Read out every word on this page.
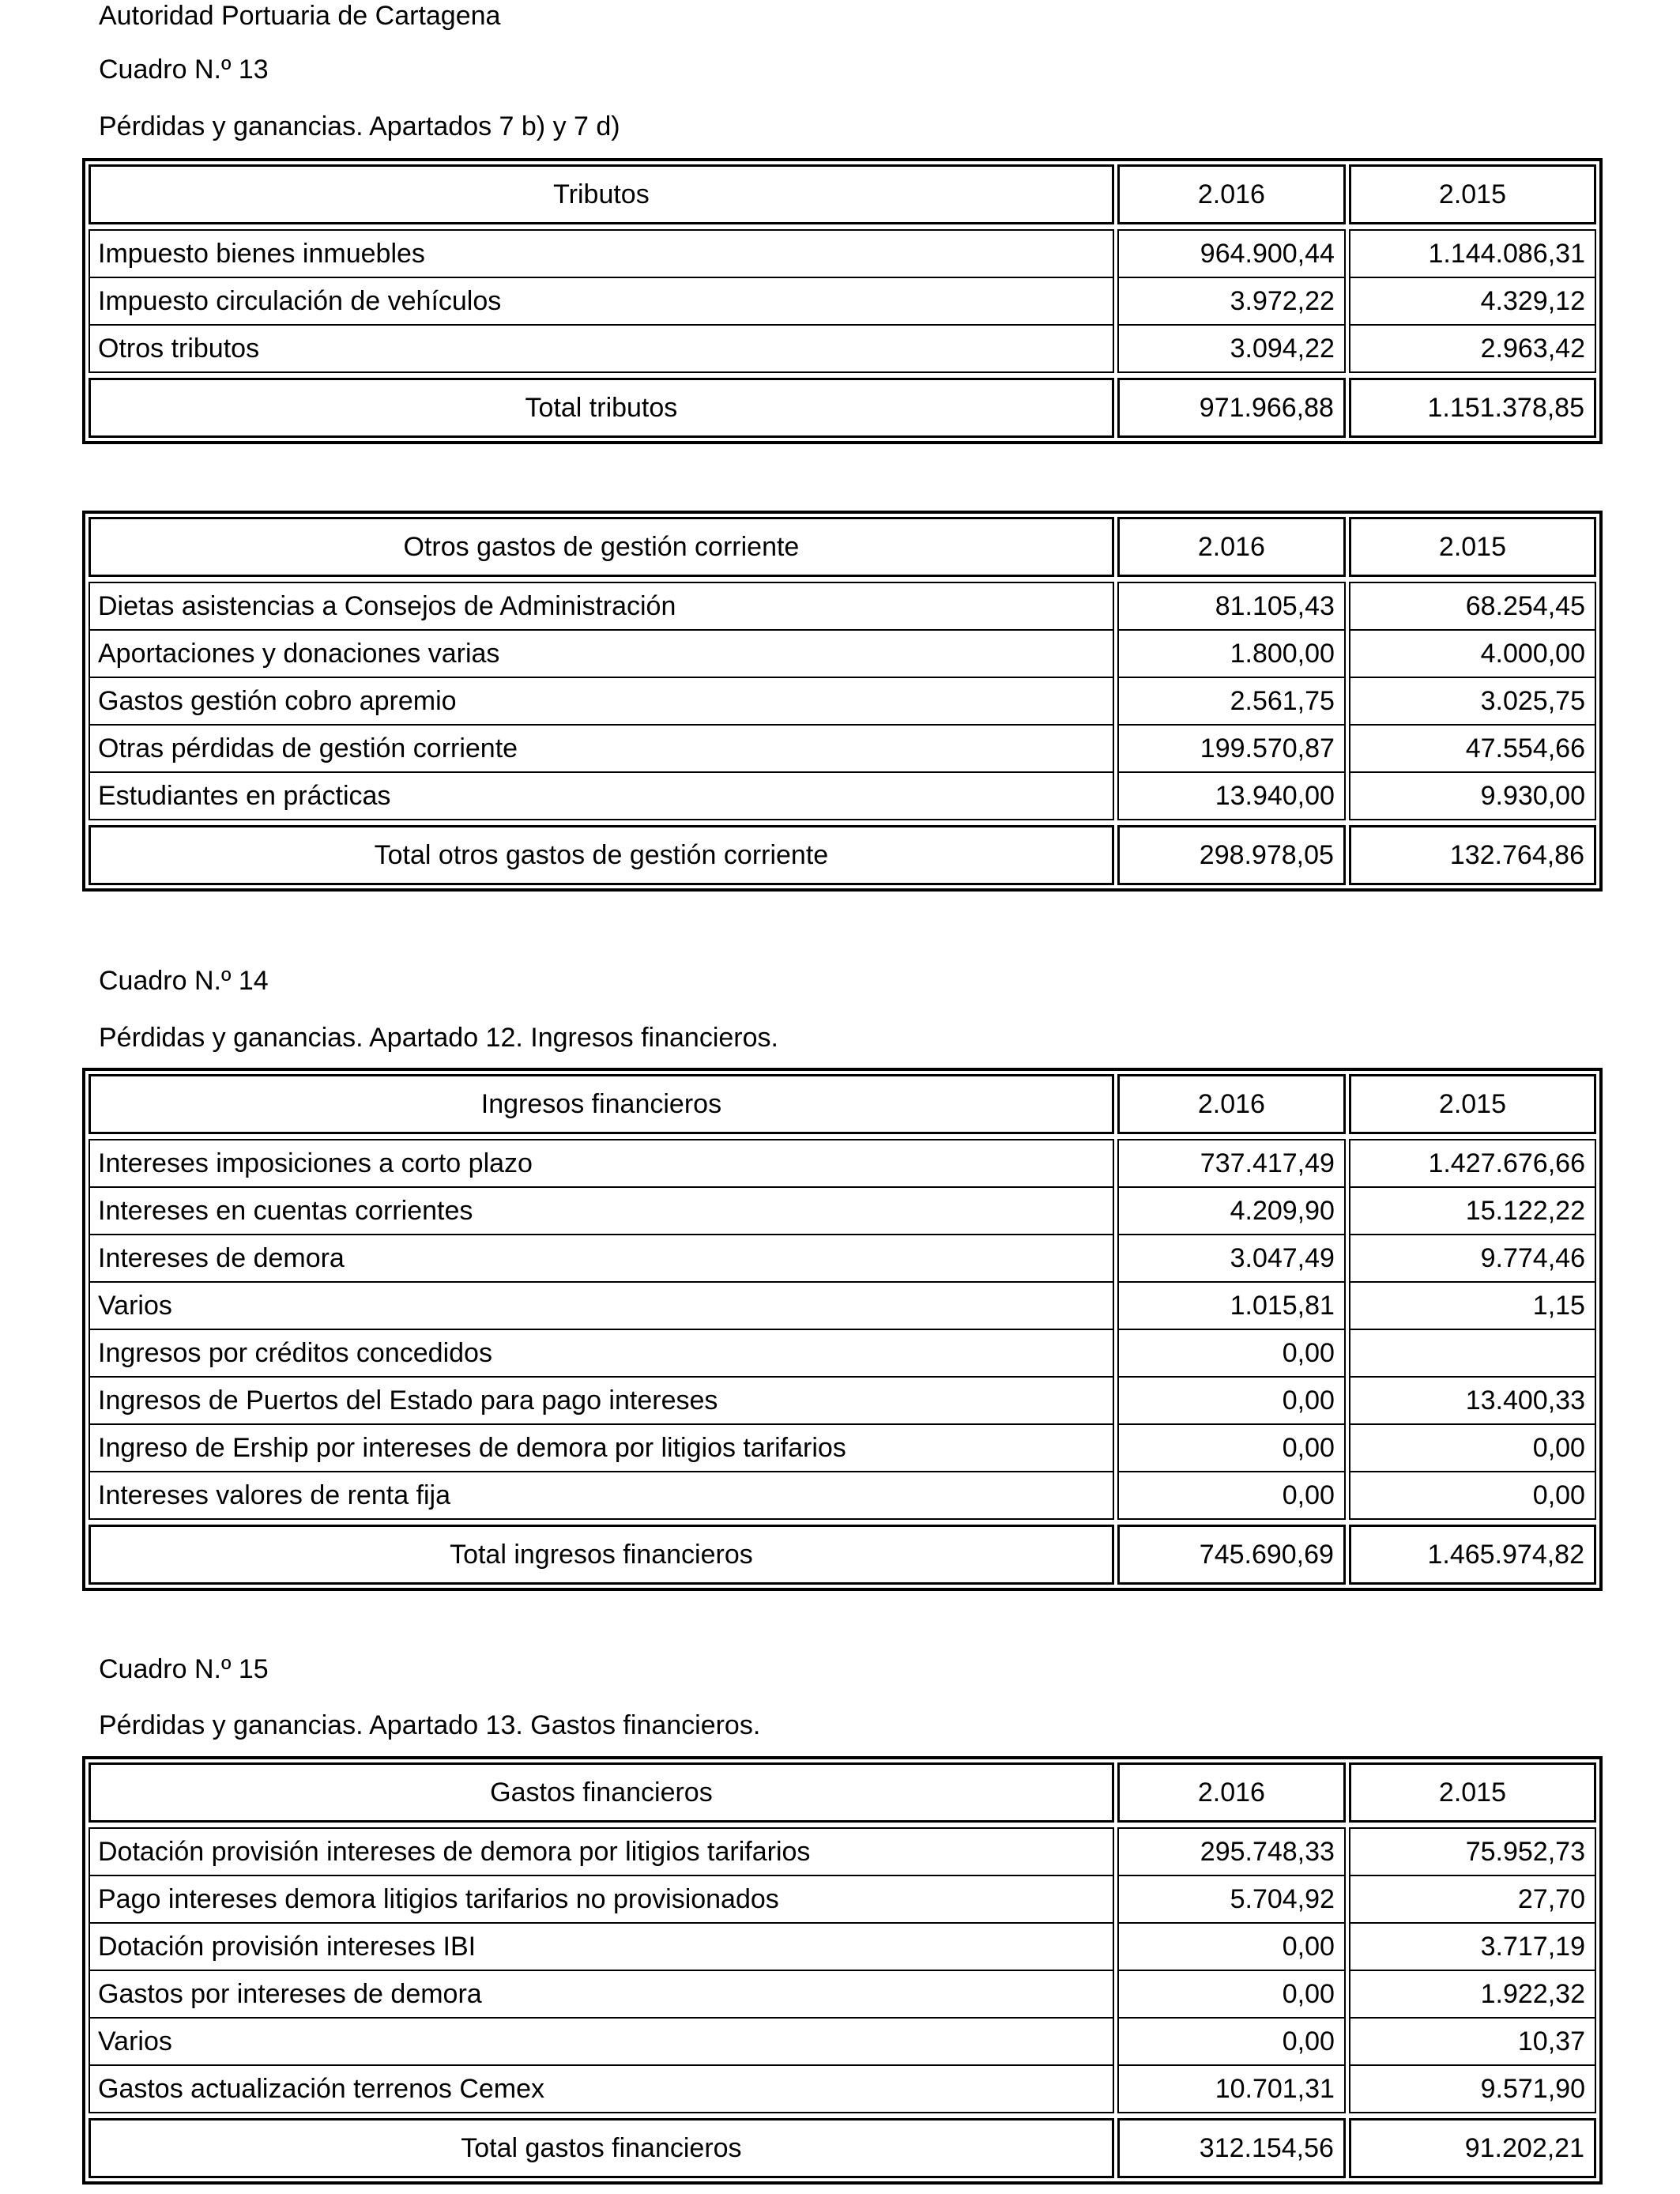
Autoridad Portuaria de Cartagena
Cuadro N.º 13
Pérdidas y ganancias. Apartados 7 b) y 7 d)
Tributos	2.016	2.015
Impuesto bienes inmuebles	964.900,44	1.144.086,31
Impuesto circulación de vehículos	3.972,22	4.329,12
Otros tributos	3.094,22	2.963,42
Total tributos	971.966,88	1.151.378,85
Otros gastos de gestión corriente	2.016	2.015
Dietas asistencias a Consejos de Administración	81.105,43	68.254,45
Aportaciones y donaciones varias	1.800,00	4.000,00
Gastos gestión cobro apremio	2.561,75	3.025,75
Otras pérdidas de gestión corriente	199.570,87	47.554,66
Estudiantes en prácticas	13.940,00	9.930,00
Total otros gastos de gestión corriente	298.978,05	132.764,86
Cuadro N.º 14
Pérdidas y ganancias. Apartado 12. Ingresos financieros.
Ingresos financieros	2.016	2.015
Intereses imposiciones a corto plazo	737.417,49	1.427.676,66
Intereses en cuentas corrientes	4.209,90	15.122,22
Intereses de demora	3.047,49	9.774,46
Varios	1.015,81	1,15
Ingresos por créditos concedidos	0,00
Ingresos de Puertos del Estado para pago intereses	0,00	13.400,33
Ingreso de Ership por intereses de demora por litigios tarifarios	0,00	0,00
Intereses valores de renta fija	0,00	0,00
Total ingresos financieros	745.690,69	1.465.974,82
Cuadro N.º 15
Pérdidas y ganancias. Apartado 13. Gastos financieros.
Gastos financieros	2.016	2.015
Dotación provisión intereses de demora por litigios tarifarios	295.748,33	75.952,73
Pago intereses demora litigios tarifarios no provisionados	5.704,92	27,70
Dotación provisión intereses IBI	0,00	3.717,19
Gastos por intereses de demora	0,00	1.922,32
Varios	0,00	10,37
Gastos actualización terrenos Cemex	10.701,31	9.571,90
Total gastos financieros	312.154,56	91.202,21
